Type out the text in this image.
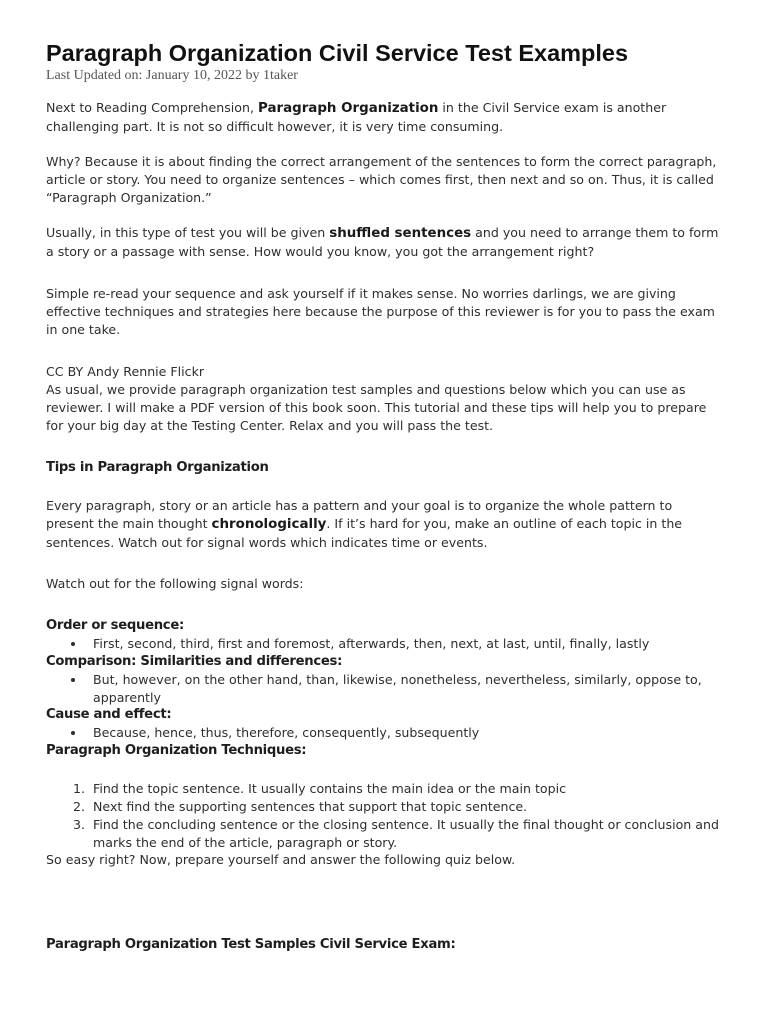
Paragraph Organization Civil Service Test Examples
Last Updated on: January 10, 2022 by 1taker

Next to Reading Comprehension, Paragraph Organization in the Civil Service exam is another challenging part. It is not so difficult however, it is very time consuming.

Why? Because it is about finding the correct arrangement of the sentences to form the correct paragraph, article or story. You need to organize sentences – which comes first, then next and so on. Thus, it is called “Paragraph Organization.”

Usually, in this type of test you will be given shuffled sentences and you need to arrange them to form a story or a passage with sense. How would you know, you got the arrangement right?

Simple re-read your sequence and ask yourself if it makes sense. No worries darlings, we are giving effective techniques and strategies here because the purpose of this reviewer is for you to pass the exam in one take.

CC BY Andy Rennie Flickr

As usual, we provide paragraph organization test samples and questions below which you can use as reviewer. I will make a PDF version of this book soon. This tutorial and these tips will help you to prepare for your big day at the Testing Center. Relax and you will pass the test.

Tips in Paragraph Organization

Every paragraph, story or an article has a pattern and your goal is to organize the whole pattern to present the main thought chronologically. If it’s hard for you, make an outline of each topic in the sentences. Watch out for signal words which indicates time or events.

Watch out for the following signal words:

Order or sequence:
First, second, third, first and foremost, afterwards, then, next, at last, until, finally, lastly
Comparison: Similarities and differences:
But, however, on the other hand, than, likewise, nonetheless, nevertheless, similarly, oppose to, apparently
Cause and effect:
Because, hence, thus, therefore, consequently, subsequently
Paragraph Organization Techniques:
1. Find the topic sentence. It usually contains the main idea or the main topic
2. Next find the supporting sentences that support that topic sentence.
3. Find the concluding sentence or the closing sentence. It usually the final thought or conclusion and marks the end of the article, paragraph or story.

So easy right? Now, prepare yourself and answer the following quiz below.

Paragraph Organization Test Samples Civil Service Exam:
